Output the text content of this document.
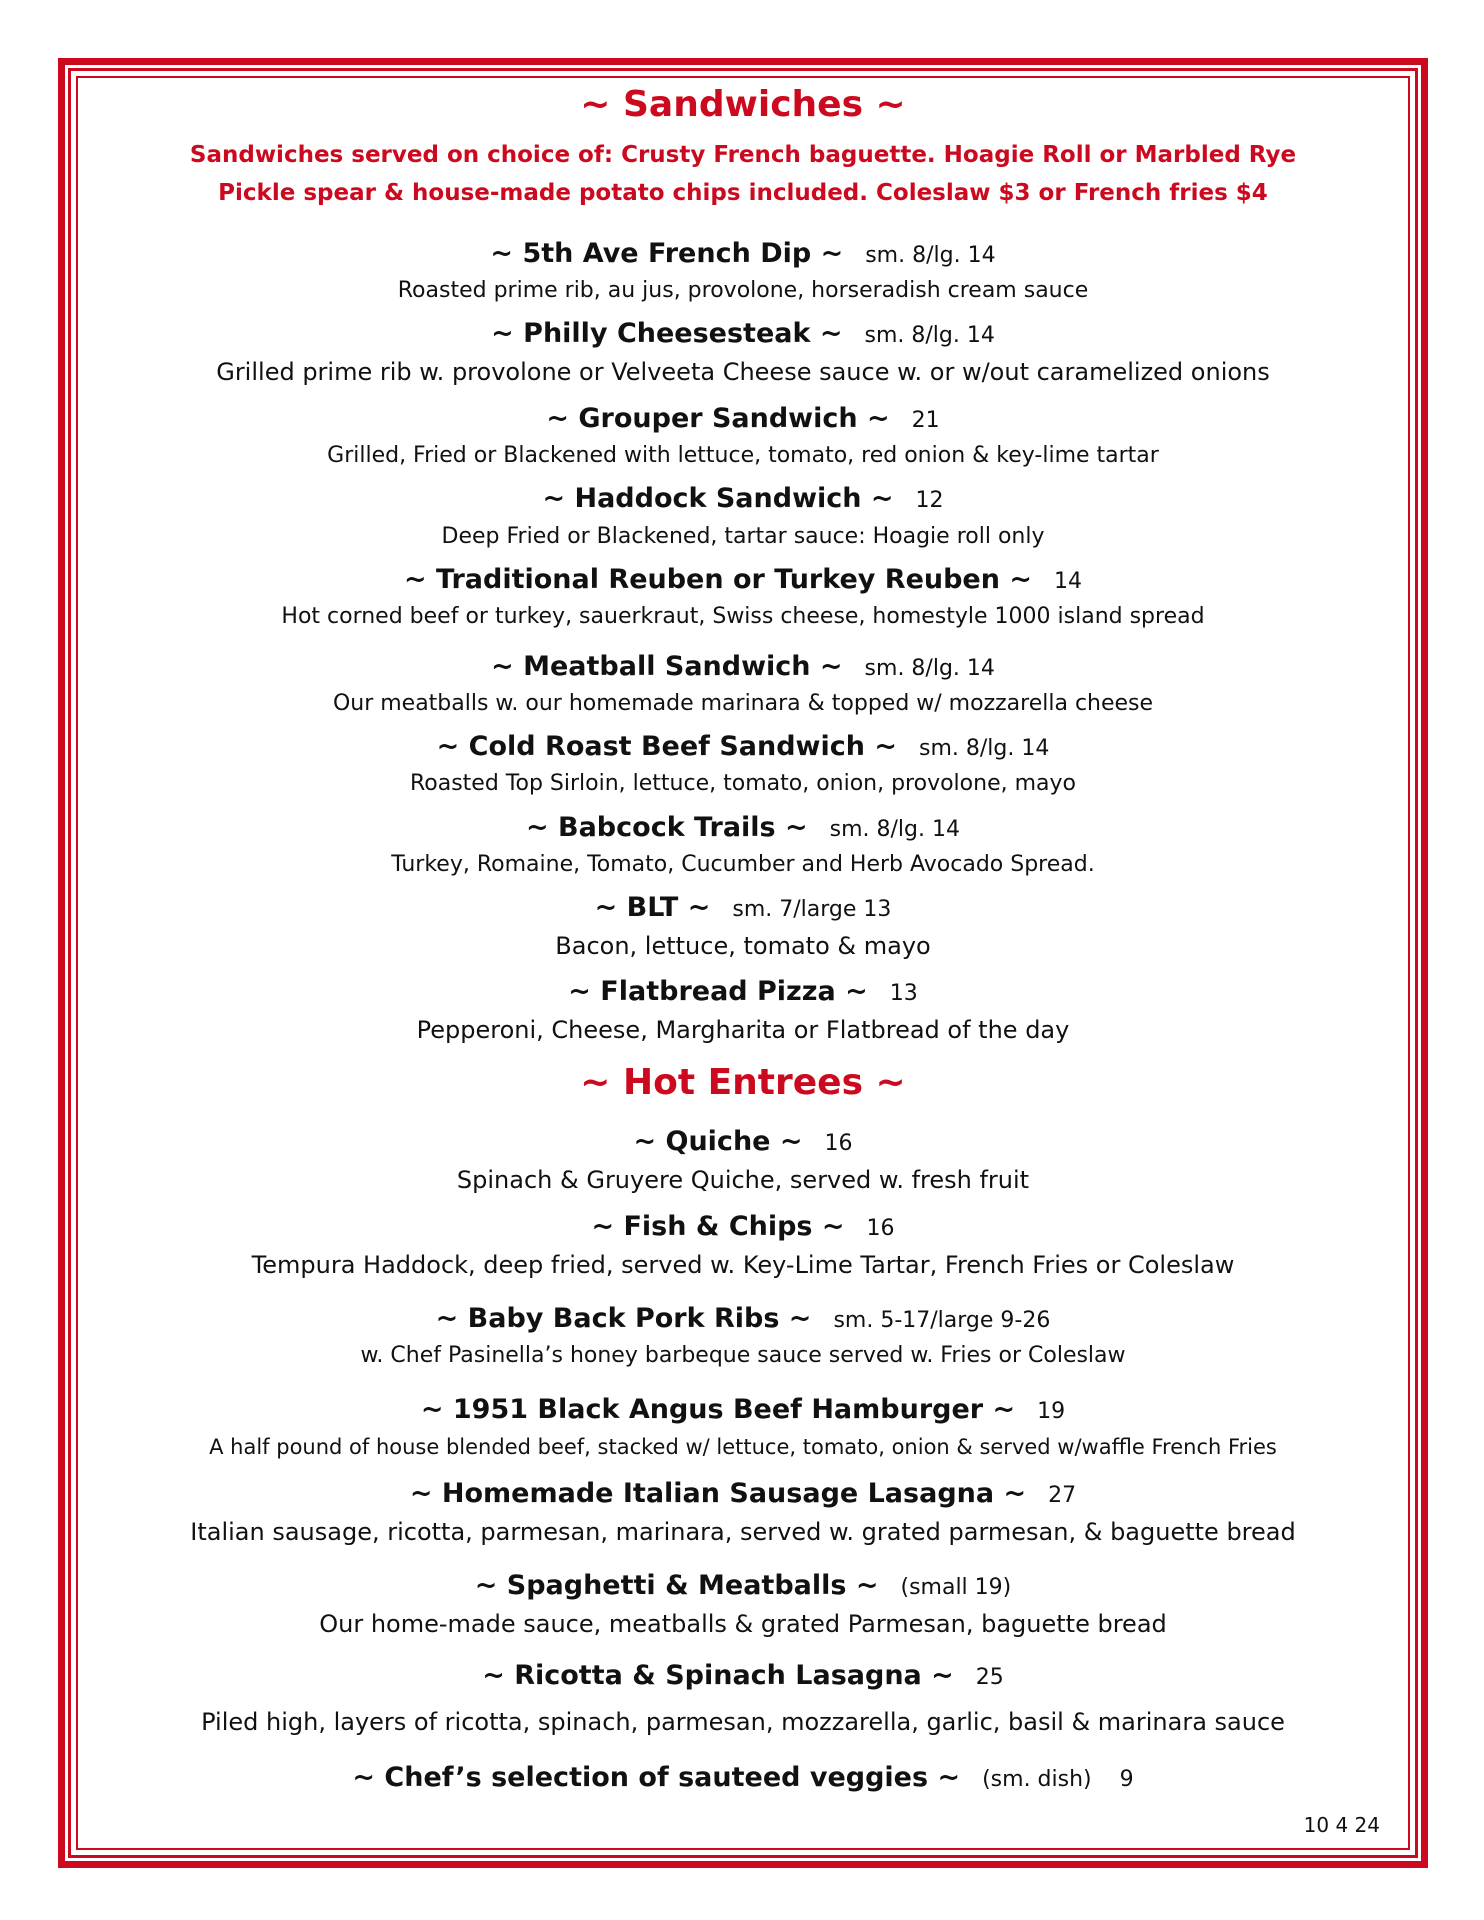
~ Sandwiches ~
Sandwiches served on choice of: Crusty French baguette. Hoagie Roll or Marbled Rye
Pickle spear & house-made potato chips included. Coleslaw $3 or French fries $4
~ 5th Ave French Dip ~ sm. 8/lg. 14
Roasted prime rib, au jus, provolone, horseradish cream sauce
~ Philly Cheesesteak ~ sm. 8/lg. 14
Grilled prime rib w. provolone or Velveeta Cheese sauce w. or w/out caramelized onions
~ Grouper Sandwich ~ 21
Grilled, Fried or Blackened with lettuce, tomato, red onion & key-lime tartar
~ Haddock Sandwich ~ 12
Deep Fried or Blackened, tartar sauce: Hoagie roll only
~ Traditional Reuben or Turkey Reuben ~ 14
Hot corned beef or turkey, sauerkraut, Swiss cheese, homestyle 1000 island spread
~ Meatball Sandwich ~ sm. 8/lg. 14
Our meatballs w. our homemade marinara & topped w/ mozzarella cheese
~ Cold Roast Beef Sandwich ~ sm. 8/lg. 14
Roasted Top Sirloin, lettuce, tomato, onion, provolone, mayo
~ Babcock Trails ~ sm. 8/lg. 14
Turkey, Romaine, Tomato, Cucumber and Herb Avocado Spread.
~ BLT ~ sm. 7/large 13
Bacon, lettuce, tomato & mayo
~ Flatbread Pizza ~ 13
Pepperoni, Cheese, Margharita or Flatbread of the day
~ Hot Entrees ~
~ Quiche ~ 16
Spinach & Gruyere Quiche, served w. fresh fruit
~ Fish & Chips ~ 16
Tempura Haddock, deep fried, served w. Key-Lime Tartar, French Fries or Coleslaw
~ Baby Back Pork Ribs ~ sm. 5-17/large 9-26
w. Chef Pasinella’s honey barbeque sauce served w. Fries or Coleslaw
~ 1951 Black Angus Beef Hamburger ~ 19
A half pound of house blended beef, stacked w/ lettuce, tomato, onion & served w/waffle French Fries
~ Homemade Italian Sausage Lasagna ~ 27
Italian sausage, ricotta, parmesan, marinara, served w. grated parmesan, & baguette bread
~ Spaghetti & Meatballs ~ (small 19)
Our home-made sauce, meatballs & grated Parmesan, baguette bread
~ Ricotta & Spinach Lasagna ~ 25
Piled high, layers of ricotta, spinach, parmesan, mozzarella, garlic, basil & marinara sauce
~ Chef’s selection of sauteed veggies ~ (sm. dish)    9
10 4 24
